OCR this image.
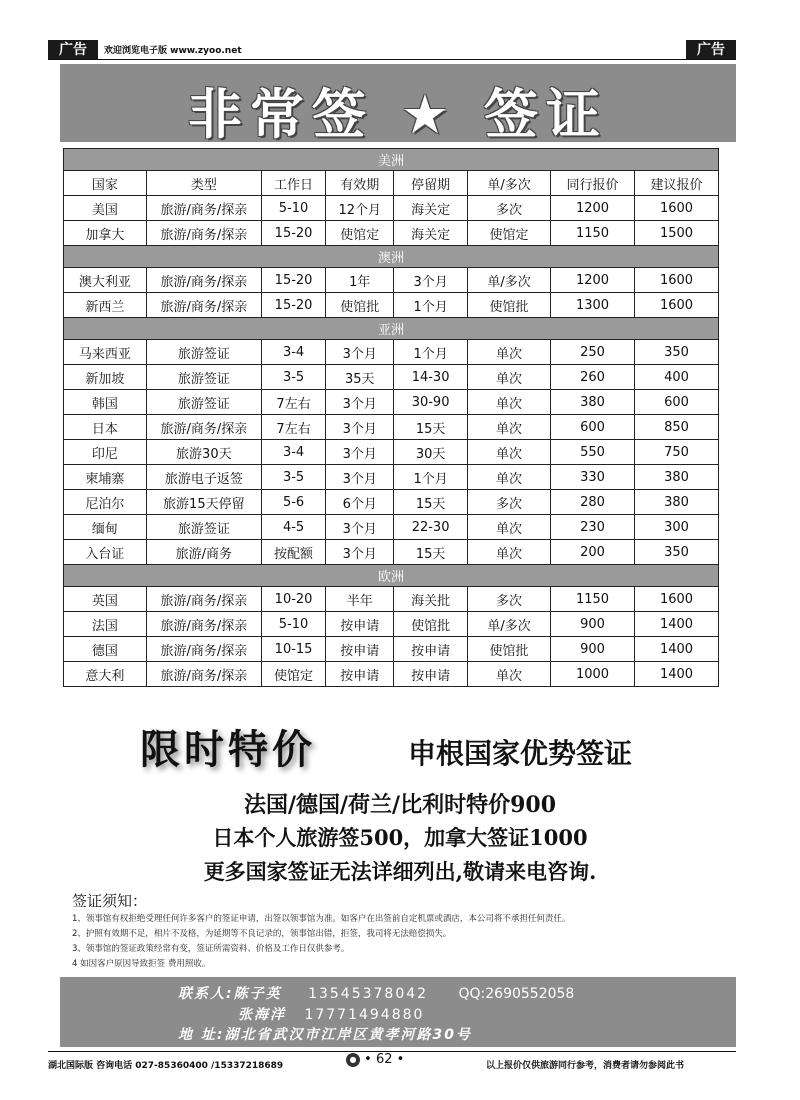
广告	欢迎浏览电子版 www.zyoo.net	广告
非常签 ★ 签证
美洲							
国家	类型	工作日	有效期	停留期	单/多次	同行报价	建议报价
美国	旅游/商务/探亲	5-10	12个月	海关定	多次	1200	1600
加拿大	旅游/商务/探亲	15-20	使馆定	海关定	使馆定	1150	1500
澳洲							
澳大利亚	旅游/商务/探亲	15-20	1年	3个月	单/多次	1200	1600
新西兰	旅游/商务/探亲	15-20	使馆批	1个月	使馆批	1300	1600
亚洲							
马来西亚	旅游签证	3-4	3个月	1个月	单次	250	350
新加坡	旅游签证	3-5	35天	14-30	单次	260	400
韩国	旅游签证	7左右	3个月	30-90	单次	380	600
日本	旅游/商务/探亲	7左右	3个月	15天	单次	600	850
印尼	旅游30天	3-4	3个月	30天	单次	550	750
柬埔寨	旅游电子返签	3-5	3个月	1个月	单次	330	380
尼泊尔	旅游15天停留	5-6	6个月	15天	多次	280	380
缅甸	旅游签证	4-5	3个月	22-30	单次	230	300
入台证	旅游/商务	按配额	3个月	15天	单次	200	350
欧洲							
英国	旅游/商务/探亲	10-20	半年	海关批	多次	1150	1600
法国	旅游/商务/探亲	5-10	按申请	使馆批	单/多次	900	1400
德国	旅游/商务/探亲	10-15	按申请	按申请	使馆批	900	1400
意大利	旅游/商务/探亲	使馆定	按申请	按申请	单次	1000	1400
限时特价	申根国家优势签证
法国/德国/荷兰/比利时特价900
日本个人旅游签500，加拿大签证1000
更多国家签证无法详细列出,敬请来电咨询.
签证须知：
1、领事馆有权拒绝受理任何许多客户的签证申请，出签以领事馆为准。如客户在出签前自定机票或酒店，本公司将不承担任何责任。
2、护照有效期不足，相片不及格，为延期等不良记录的，领事馆出错，拒签，我司将无法赔偿损失。
3、领事馆的签证政策经常有变，签证所需资料、价格及工作日仅供参考。
4 如因客户原因导致拒签 费用照收。
联系人:陈子英 13545378042 QQ:2690552058
张海洋 17771494880
地 址:湖北省武汉市江岸区黄孝河路30号
湖北国际版 咨询电话 027-85360400 /15337218689
● • 62 •	以上报价仅供旅游同行参考，消费者请勿参阅此书
